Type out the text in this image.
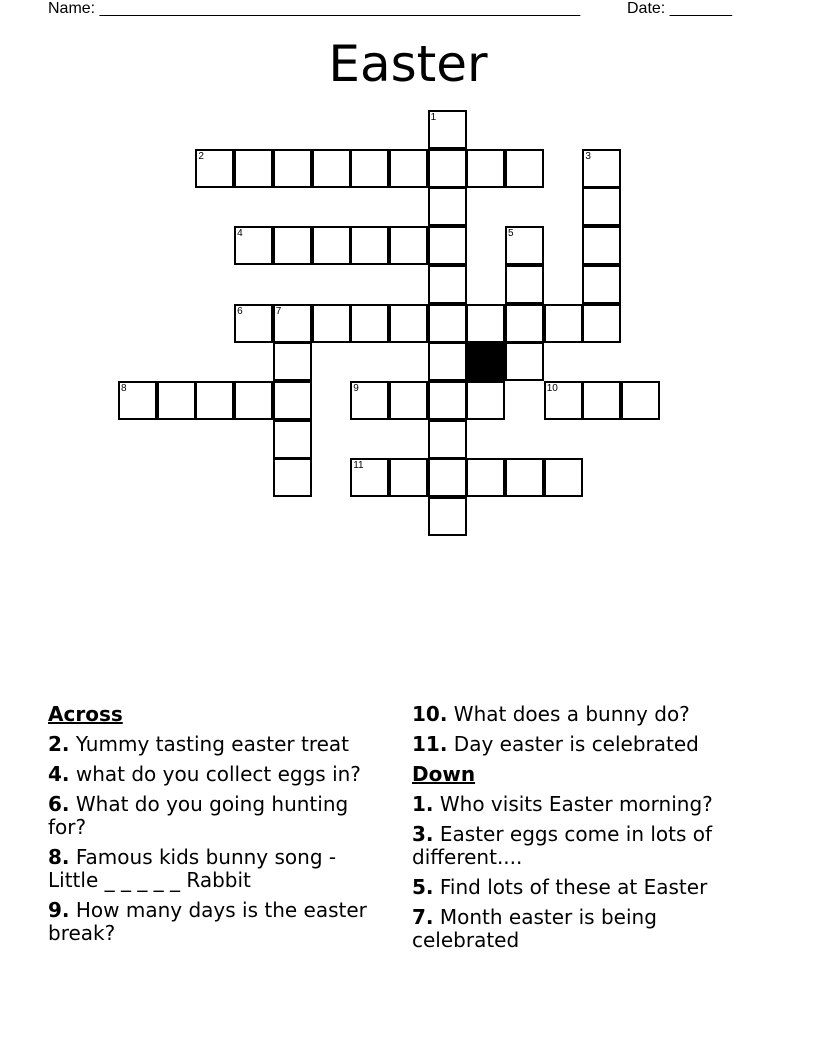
Name: ______________________________________________________	Date: _______
Easter
1
2	3
4	5
6	7
8	9	10
11
Across
2. Yummy tasting easter treat
4. what do you collect eggs in?
6. What do you going hunting for?
8. Famous kids bunny song - Little _ _ _ _ _ Rabbit
9. How many days is the easter break?
10. What does a bunny do?
11. Day easter is celebrated
Down
1. Who visits Easter morning?
3. Easter eggs come in lots of different....
5. Find lots of these at Easter
7. Month easter is being celebrated
